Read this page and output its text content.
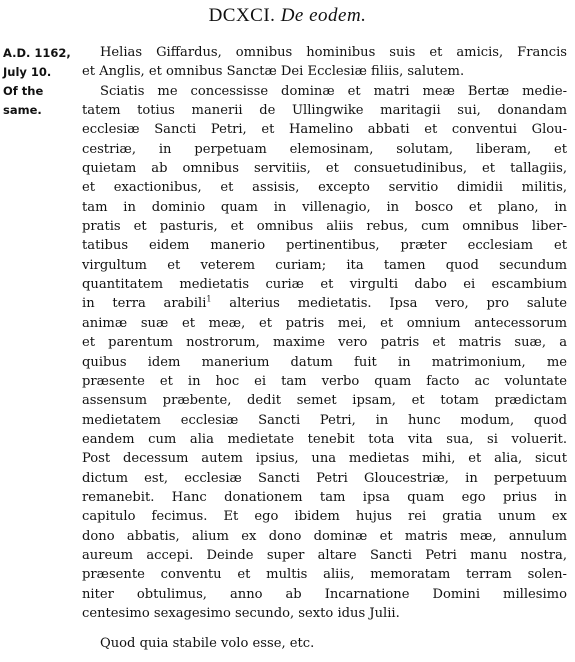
DCXCI. De eodem.
A.D. 1162,
July 10.
Of the
same.
Helias Giffardus, omnibus hominibus suis et amicis, Francis
et Anglis, et omnibus Sanctæ Dei Ecclesiæ filiis, salutem.
Sciatis me concessisse dominæ et matri meæ Bertæ medie-
tatem totius manerii de Ullingwike maritagii sui, donandam
ecclesiæ Sancti Petri, et Hamelino abbati et conventui Glou-
cestriæ, in perpetuam elemosinam, solutam, liberam, et
quietam ab omnibus servitiis, et consuetudinibus, et tallagiis,
et exactionibus, et assisis, excepto servitio dimidii militis,
tam in dominio quam in villenagio, in bosco et plano, in
pratis et pasturis, et omnibus aliis rebus, cum omnibus liber-
tatibus eidem manerio pertinentibus, præter ecclesiam et
virgultum et veterem curiam; ita tamen quod secundum
quantitatem medietatis curiæ et virgulti dabo ei escambium
in terra arabili$^1$ alterius medietatis. Ipsa vero, pro salute
animæ suæ et meæ, et patris mei, et omnium antecessorum
et parentum nostrorum, maxime vero patris et matris suæ, a
quibus idem manerium datum fuit in matrimonium, me
præsente et in hoc ei tam verbo quam facto ac voluntate
assensum præbente, dedit semet ipsam, et totam prædictam
medietatem ecclesiæ Sancti Petri, in hunc modum, quod
eandem cum alia medietate tenebit tota vita sua, si voluerit.
Post decessum autem ipsius, una medietas mihi, et alia, sicut
dictum est, ecclesiæ Sancti Petri Gloucestriæ, in perpetuum
remanebit. Hanc donationem tam ipsa quam ego prius in
capitulo fecimus. Et ego ibidem hujus rei gratia unum ex
dono abbatis, alium ex dono dominæ et matris meæ, annulum
aureum accepi. Deinde super altare Sancti Petri manu nostra,
præsente conventu et multis aliis, memoratam terram solen-
niter obtulimus, anno ab Incarnatione Domini millesimo
centesimo sexagesimo secundo, sexto idus Julii.
Quod quia stabile volo esse, etc.
